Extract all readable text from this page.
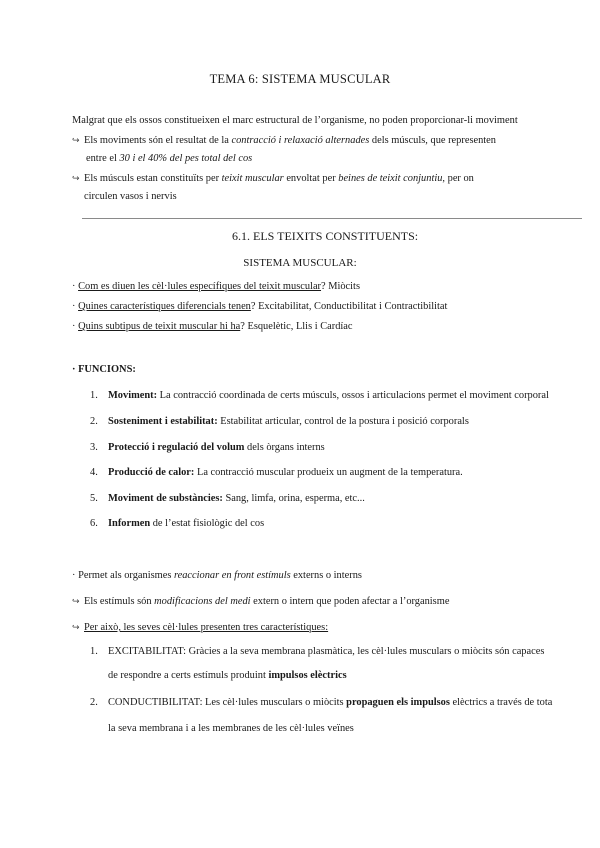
TEMA 6: SISTEMA MUSCULAR
Malgrat que els ossos constitueixen el marc estructural de l’organisme, no poden proporcionar-li moviment
↪ Els moviments són el resultat de la contracció i relaxació alternades dels músculs, que representen
entre el 30 i el 40% del pes total del cos
↪ Els músculs estan constituïts per teixit muscular envoltat per beines de teixit conjuntiu, per on
circulen vasos i nervis
6.1. ELS TEIXITS CONSTITUENTS:
SISTEMA MUSCULAR:
· Com es diuen les cèl·lules específiques del teixit muscular? Miòcits
· Quines característiques diferencials tenen? Excitabilitat, Conductibilitat i Contractibilitat
· Quins subtipus de teixit muscular hi ha? Esquelètic, Llis i Cardíac
· FUNCIONS:
1. Moviment: La contracció coordinada de certs músculs, ossos i articulacions permet el moviment corporal
2. Sosteniment i estabilitat: Estabilitat articular, control de la postura i posició corporals
3. Protecció i regulació del volum dels òrgans interns
4. Producció de calor: La contracció muscular produeix un augment de la temperatura.
5. Moviment de substàncies: Sang, limfa, orina, esperma, etc...
6. Informen de l’estat fisiològic del cos
· Permet als organismes reaccionar en front estímuls externs o interns
↪ Els estímuls són modificacions del medi extern o intern que poden afectar a l’organisme
↪ Per això, les seves cèl·lules presenten tres característiques:
1. EXCITABILITAT: Gràcies a la seva membrana plasmàtica, les cèl·lules musculars o miòcits són capaces
de respondre a certs estímuls produint impulsos elèctrics
2. CONDUCTIBILITAT: Les cèl·lules musculars o miòcits propaguen els impulsos elèctrics a través de tota
la seva membrana i a les membranes de les cèl·lules veïnes
